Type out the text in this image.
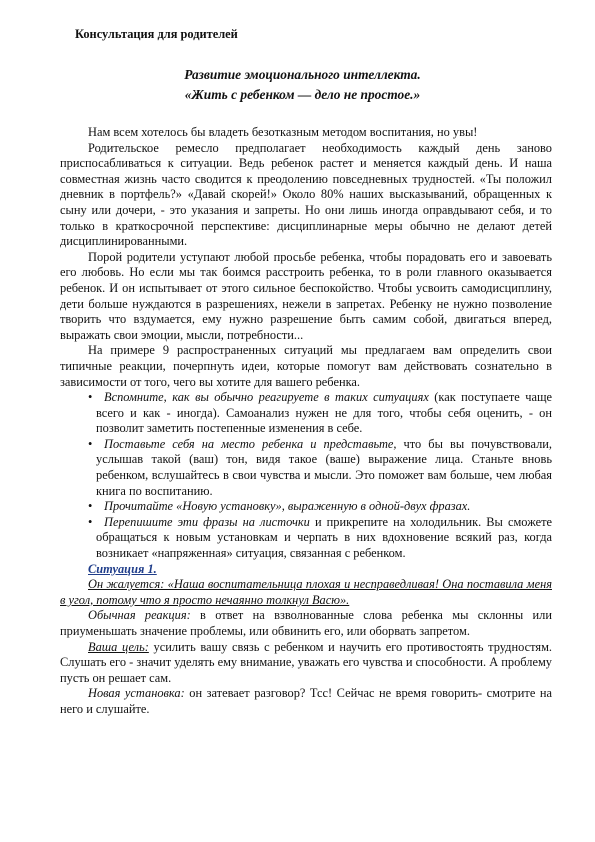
Консультация для родителей
Развитие эмоционального интеллекта.
«Жить с ребенком — дело не простое.»

Нам всем хотелось бы владеть безотказным методом воспитания, но увы!

Родительское ремесло предполагает необходимость каждый день заново приспосабливаться к ситуации. Ведь ребенок растет и меняется каждый день. И наша совместная жизнь часто сводится к преодолению повседневных трудностей. «Ты положил дневник в портфель?» «Давай скорей!» Около 80% наших высказываний, обращенных к сыну или дочери, - это указания и запреты. Но они лишь иногда оправдывают себя, и то только в краткосрочной перспективе: дисциплинарные меры обычно не делают детей дисциплинированными.

Порой родители уступают любой просьбе ребенка, чтобы порадовать его и завоевать его любовь. Но если мы так боимся расстроить ребенка, то в роли главного оказывается ребенок. И он испытывает от этого сильное беспокойство. Чтобы усвоить самодисциплину, дети больше нуждаются в разрешениях, нежели в запретах. Ребенку не нужно позволение творить что вздумается, ему нужно разрешение быть самим собой, двигаться вперед, выражать свои эмоции, мысли, потребности...

На примере 9 распространенных ситуаций мы предлагаем вам определить свои типичные реакции, почерпнуть идеи, которые помогут вам действовать сознательно в зависимости от того, чего вы хотите для вашего ребенка.

• Вспомните, как вы обычно реагируете в таких ситуациях (как поступаете чаще всего и как - иногда). Самоанализ нужен не для того, чтобы себя оценить, - он позволит заметить постепенные изменения в себе.

• Поставьте себя на место ребенка и представьте, что бы вы почувствовали, услышав такой (ваш) тон, видя такое (ваше) выражение лица. Станьте вновь ребенком, вслушайтесь в свои чувства и мысли. Это поможет вам больше, чем любая книга по воспитанию.

• Прочитайте «Новую установку», выраженную в одной-двух фразах.

• Перепишите эти фразы на листочки и прикрепите на холодильник. Вы сможете обращаться к новым установкам и черпать в них вдохновение всякий раз, когда возникает «напряженная» ситуация, связанная с ребенком.

Ситуация 1.

Он жалуется: «Наша воспитательница плохая и несправедливая! Она поставила меня в угол, потому что я просто нечаянно толкнул Васю».

Обычная реакция: в ответ на взволнованные слова ребенка мы склонны или приуменьшать значение проблемы, или обвинить его, или оборвать запретом.

Ваша цель: усилить вашу связь с ребенком и научить его противостоять трудностям. Слушать его - значит уделять ему внимание, уважать его чувства и способности. А проблему пусть он решает сам.

Новая установка: он затевает разговор? Тсс! Сейчас не время говорить- смотрите на него и слушайте.
